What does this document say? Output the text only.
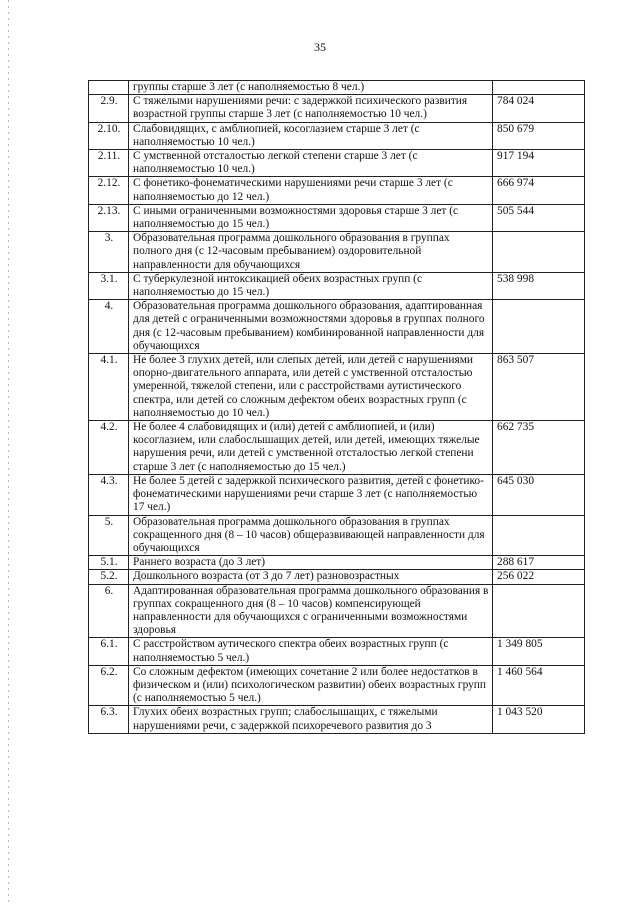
35
	группы старше 3 лет (с наполняемостью 8 чел.)	
2.9.	С тяжелыми нарушениями речи: с задержкой психического развития возрастной группы старше 3 лет (с наполняемостью 10 чел.)	784 024
2.10.	Слабовидящих, с амблиопией, косоглазием старше 3 лет (с наполняемостью 10 чел.)	850 679
2.11.	С умственной отсталостью легкой степени старше 3 лет (с наполняемостью 10 чел.)	917 194
2.12.	С фонетико-фонематическими нарушениями речи старше 3 лет (с наполняемостью до 12 чел.)	666 974
2.13.	С иными ограниченными возможностями здоровья старше 3 лет (с наполняемостью до 15 чел.)	505 544
3.	Образовательная программа дошкольного образования в группах полного дня (с 12-часовым пребыванием) оздоровительной направленности для обучающихся	
3.1.	С туберкулезной интоксикацией обеих возрастных групп (с наполняемостью до 15 чел.)	538 998
4.	Образовательная программа дошкольного образования, адаптированная для детей с ограниченными возможностями здоровья в группах полного дня (с 12-часовым пребыванием) комбинированной направленности для обучающихся	
4.1.	Не более 3 глухих детей, или слепых детей, или детей с нарушениями опорно-двигательного аппарата, или детей с умственной отсталостью умеренной, тяжелой степени, или с расстройствами аутистического спектра, или детей со сложным дефектом обеих возрастных групп (с наполняемостью до 10 чел.)	863 507
4.2.	Не более 4 слабовидящих и (или) детей с амблиопией, и (или) косоглазием, или слабослышащих детей, или детей, имеющих тяжелые нарушения речи, или детей с умственной отсталостью легкой степени старше 3 лет (с наполняемостью до 15 чел.)	662 735
4.3.	Не более 5 детей с задержкой психического развития, детей с фонетико-фонематическими нарушениями речи старше 3 лет (с наполняемостью 17 чел.)	645 030
5.	Образовательная программа дошкольного образования в группах сокращенного дня (8 – 10 часов) общеразвивающей направленности для обучающихся	
5.1.	Раннего возраста (до 3 лет)	288 617
5.2.	Дошкольного возраста (от 3 до 7 лет) разновозрастных	256 022
6.	Адаптированная образовательная программа дошкольного образования в группах сокращенного дня (8 – 10 часов) компенсирующей направленности для обучающихся с ограниченными возможностями здоровья	
6.1.	С расстройством аутического спектра обеих возрастных групп (с наполняемостью 5 чел.)	1 349 805
6.2.	Со сложным дефектом (имеющих сочетание 2 или более недостатков в физическом и (или) психологическом развитии) обеих возрастных групп (с наполняемостью 5 чел.)	1 460 564
6.3.	Глухих обеих возрастных групп; слабослышащих, с тяжелыми нарушениями речи, с задержкой психоречевого развития до 3	1 043 520
